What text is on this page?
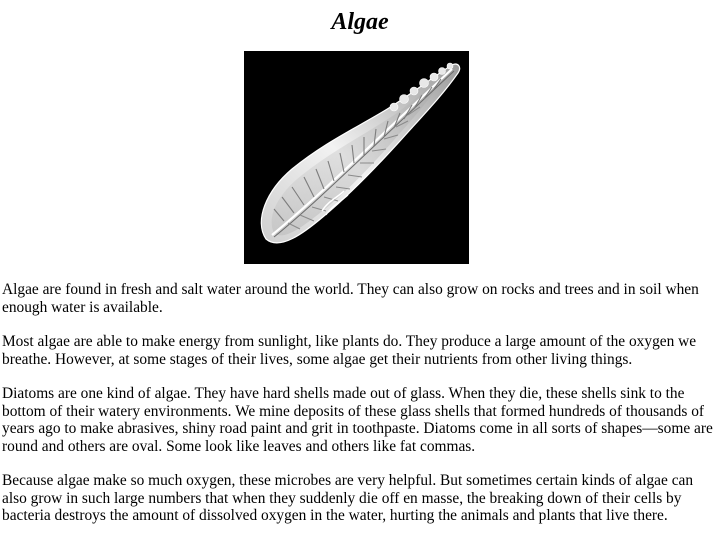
Algae

Algae are found in fresh and salt water around the world. They can also grow on rocks and trees and in soil when enough water is available.

Most algae are able to make energy from sunlight, like plants do. They produce a large amount of the oxygen we breathe. However, at some stages of their lives, some algae get their nutrients from other living things.

Diatoms are one kind of algae. They have hard shells made out of glass. When they die, these shells sink to the bottom of their watery environments. We mine deposits of these glass shells that formed hundreds of thousands of years ago to make abrasives, shiny road paint and grit in toothpaste. Diatoms come in all sorts of shapes—some are round and others are oval. Some look like leaves and others like fat commas.

Because algae make so much oxygen, these microbes are very helpful. But sometimes certain kinds of algae can also grow in such large numbers that when they suddenly die off en masse, the breaking down of their cells by bacteria destroys the amount of dissolved oxygen in the water, hurting the animals and plants that live there.
